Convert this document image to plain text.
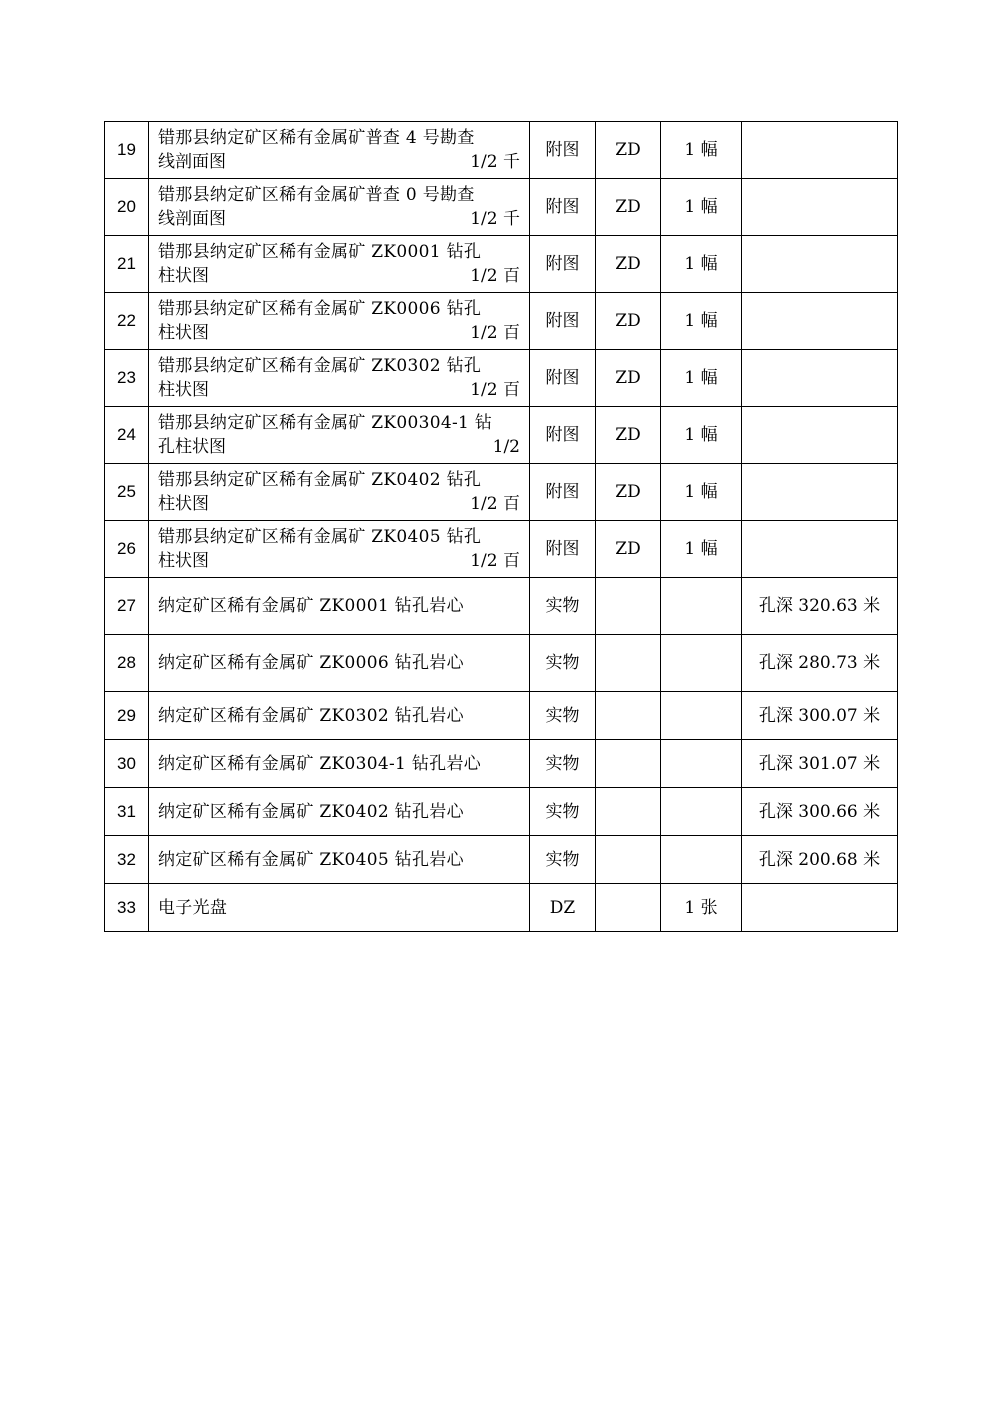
19	错那县纳定矿区稀有金属矿普查 4 号勘查
线剖面图 1/2 千	附图	ZD	1 幅	
20	错那县纳定矿区稀有金属矿普查 0 号勘查
线剖面图 1/2 千	附图	ZD	1 幅	
21	错那县纳定矿区稀有金属矿 ZK0001 钻孔
柱状图 1/2 百	附图	ZD	1 幅	
22	错那县纳定矿区稀有金属矿 ZK0006 钻孔
柱状图 1/2 百	附图	ZD	1 幅	
23	错那县纳定矿区稀有金属矿 ZK0302 钻孔
柱状图 1/2 百	附图	ZD	1 幅	
24	错那县纳定矿区稀有金属矿 ZK00304-1 钻
孔柱状图 1/2	附图	ZD	1 幅	
25	错那县纳定矿区稀有金属矿 ZK0402 钻孔
柱状图 1/2 百	附图	ZD	1 幅	
26	错那县纳定矿区稀有金属矿 ZK0405 钻孔
柱状图 1/2 百	附图	ZD	1 幅	
27	纳定矿区稀有金属矿 ZK0001 钻孔岩心	实物			孔深 320.63 米
28	纳定矿区稀有金属矿 ZK0006 钻孔岩心	实物			孔深 280.73 米
29	纳定矿区稀有金属矿 ZK0302 钻孔岩心	实物			孔深 300.07 米
30	纳定矿区稀有金属矿 ZK0304-1 钻孔岩心	实物			孔深 301.07 米
31	纳定矿区稀有金属矿 ZK0402 钻孔岩心	实物			孔深 300.66 米
32	纳定矿区稀有金属矿 ZK0405 钻孔岩心	实物			孔深 200.68 米
33	电子光盘	DZ		1 张	
